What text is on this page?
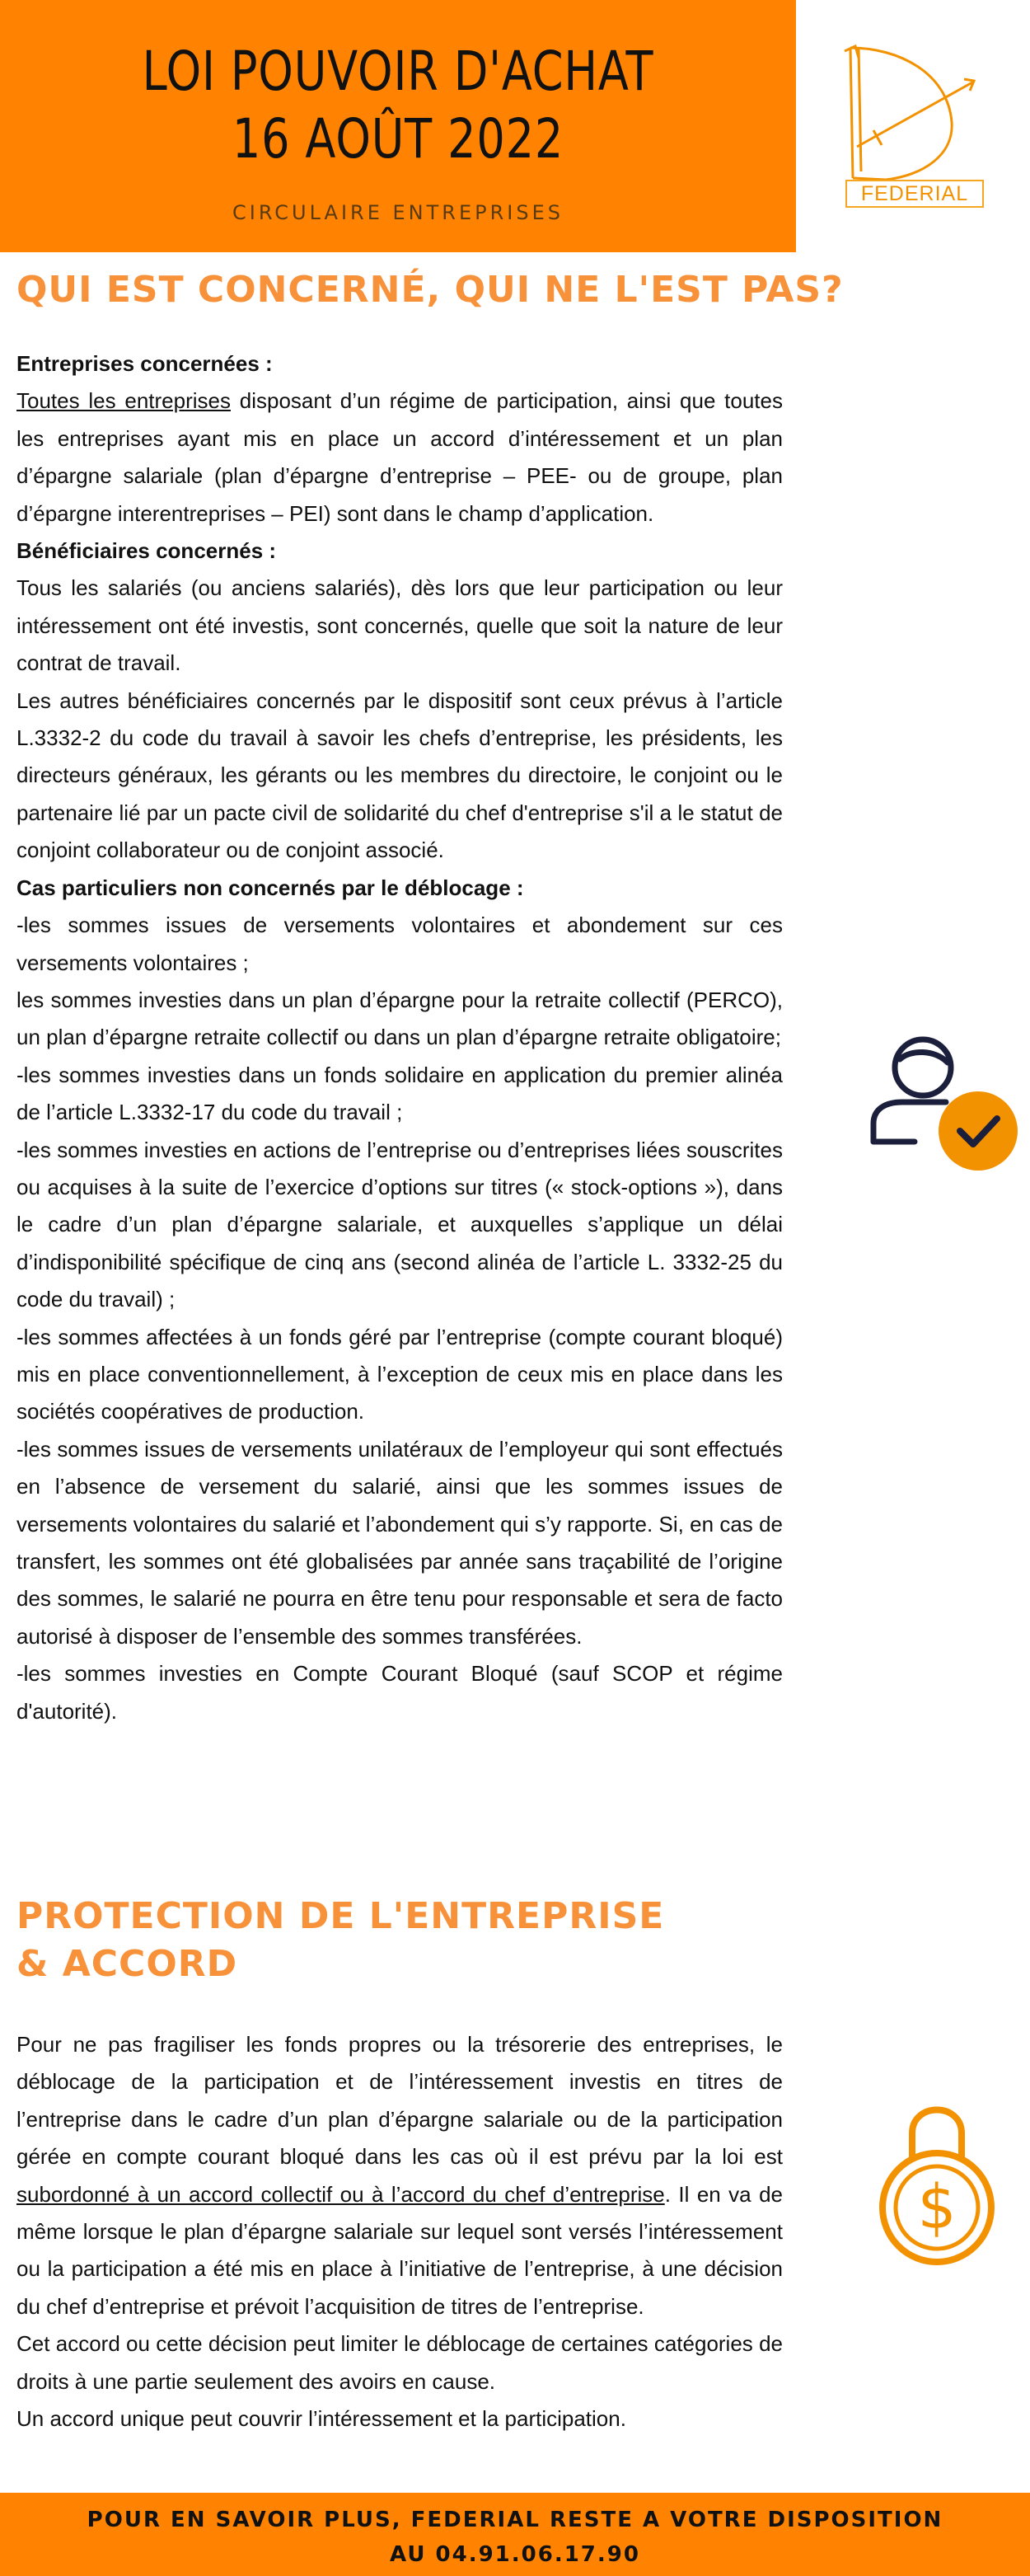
LOI POUVOIR D'ACHAT
16 AOÛT 2022
CIRCULAIRE ENTREPRISES
FEDERIAL
QUI EST CONCERNÉ, QUI NE L'EST PAS?

Entreprises concernées :

Toutes les entreprises disposant d’un régime de participation, ainsi que toutes les entreprises ayant mis en place un accord d’intéressement et un plan d’épargne salariale (plan d’épargne d’entreprise – PEE- ou de groupe, plan d’épargne interentreprises – PEI) sont dans le champ d’application.

Bénéficiaires concernés :

Tous les salariés (ou anciens salariés), dès lors que leur participation ou leur intéressement ont été investis, sont concernés, quelle que soit la nature de leur contrat de travail.

Les autres bénéficiaires concernés par le dispositif sont ceux prévus à l’article L.3332-2 du code du travail à savoir les chefs d’entreprise, les présidents, les directeurs généraux, les gérants ou les membres du directoire, le conjoint ou le partenaire lié par un pacte civil de solidarité du chef d'entreprise s'il a le statut de conjoint collaborateur ou de conjoint associé.

Cas particuliers non concernés par le déblocage :

-les sommes issues de versements volontaires et abondement sur ces versements volontaires ;

les sommes investies dans un plan d’épargne pour la retraite collectif (PERCO), un plan d’épargne retraite collectif ou dans un plan d’épargne retraite obligatoire;

-les sommes investies dans un fonds solidaire en application du premier alinéa de l’article L.3332-17 du code du travail ;

-les sommes investies en actions de l’entreprise ou d’entreprises liées souscrites ou acquises à la suite de l’exercice d’options sur titres (« stock-options »), dans le cadre d’un plan d’épargne salariale, et auxquelles s’applique un délai d’indisponibilité spécifique de cinq ans (second alinéa de l’article L. 3332-25 du code du travail) ;

-les sommes affectées à un fonds géré par l’entreprise (compte courant bloqué) mis en place conventionnellement, à l’exception de ceux mis en place dans les sociétés coopératives de production.

-les sommes issues de versements unilatéraux de l’employeur qui sont effectués en l’absence de versement du salarié, ainsi que les sommes issues de versements volontaires du salarié et l’abondement qui s’y rapporte. Si, en cas de transfert, les sommes ont été globalisées par année sans traçabilité de l’origine des sommes, le salarié ne pourra en être tenu pour responsable et sera de facto autorisé à disposer de l’ensemble des sommes transférées.

-les sommes investies en Compte Courant Bloqué (sauf SCOP et régime d'autorité).

PROTECTION DE L'ENTREPRISE
& ACCORD

Pour ne pas fragiliser les fonds propres ou la trésorerie des entreprises, le déblocage de la participation et de l’intéressement investis en titres de l’entreprise dans le cadre d’un plan d’épargne salariale ou de la participation gérée en compte courant bloqué dans les cas où il est prévu par la loi est subordonné à un accord collectif ou à l’accord du chef d’entreprise. Il en va de même lorsque le plan d’épargne salariale sur lequel sont versés l’intéressement ou la participation a été mis en place à l’initiative de l’entreprise, à une décision du chef d’entreprise et prévoit l’acquisition de titres de l’entreprise.

Cet accord ou cette décision peut limiter le déblocage de certaines catégories de droits à une partie seulement des avoirs en cause.

Un accord unique peut couvrir l’intéressement et la participation.

$
POUR EN SAVOIR PLUS, FEDERIAL RESTE A VOTRE DISPOSITION
AU 04.91.06.17.90
